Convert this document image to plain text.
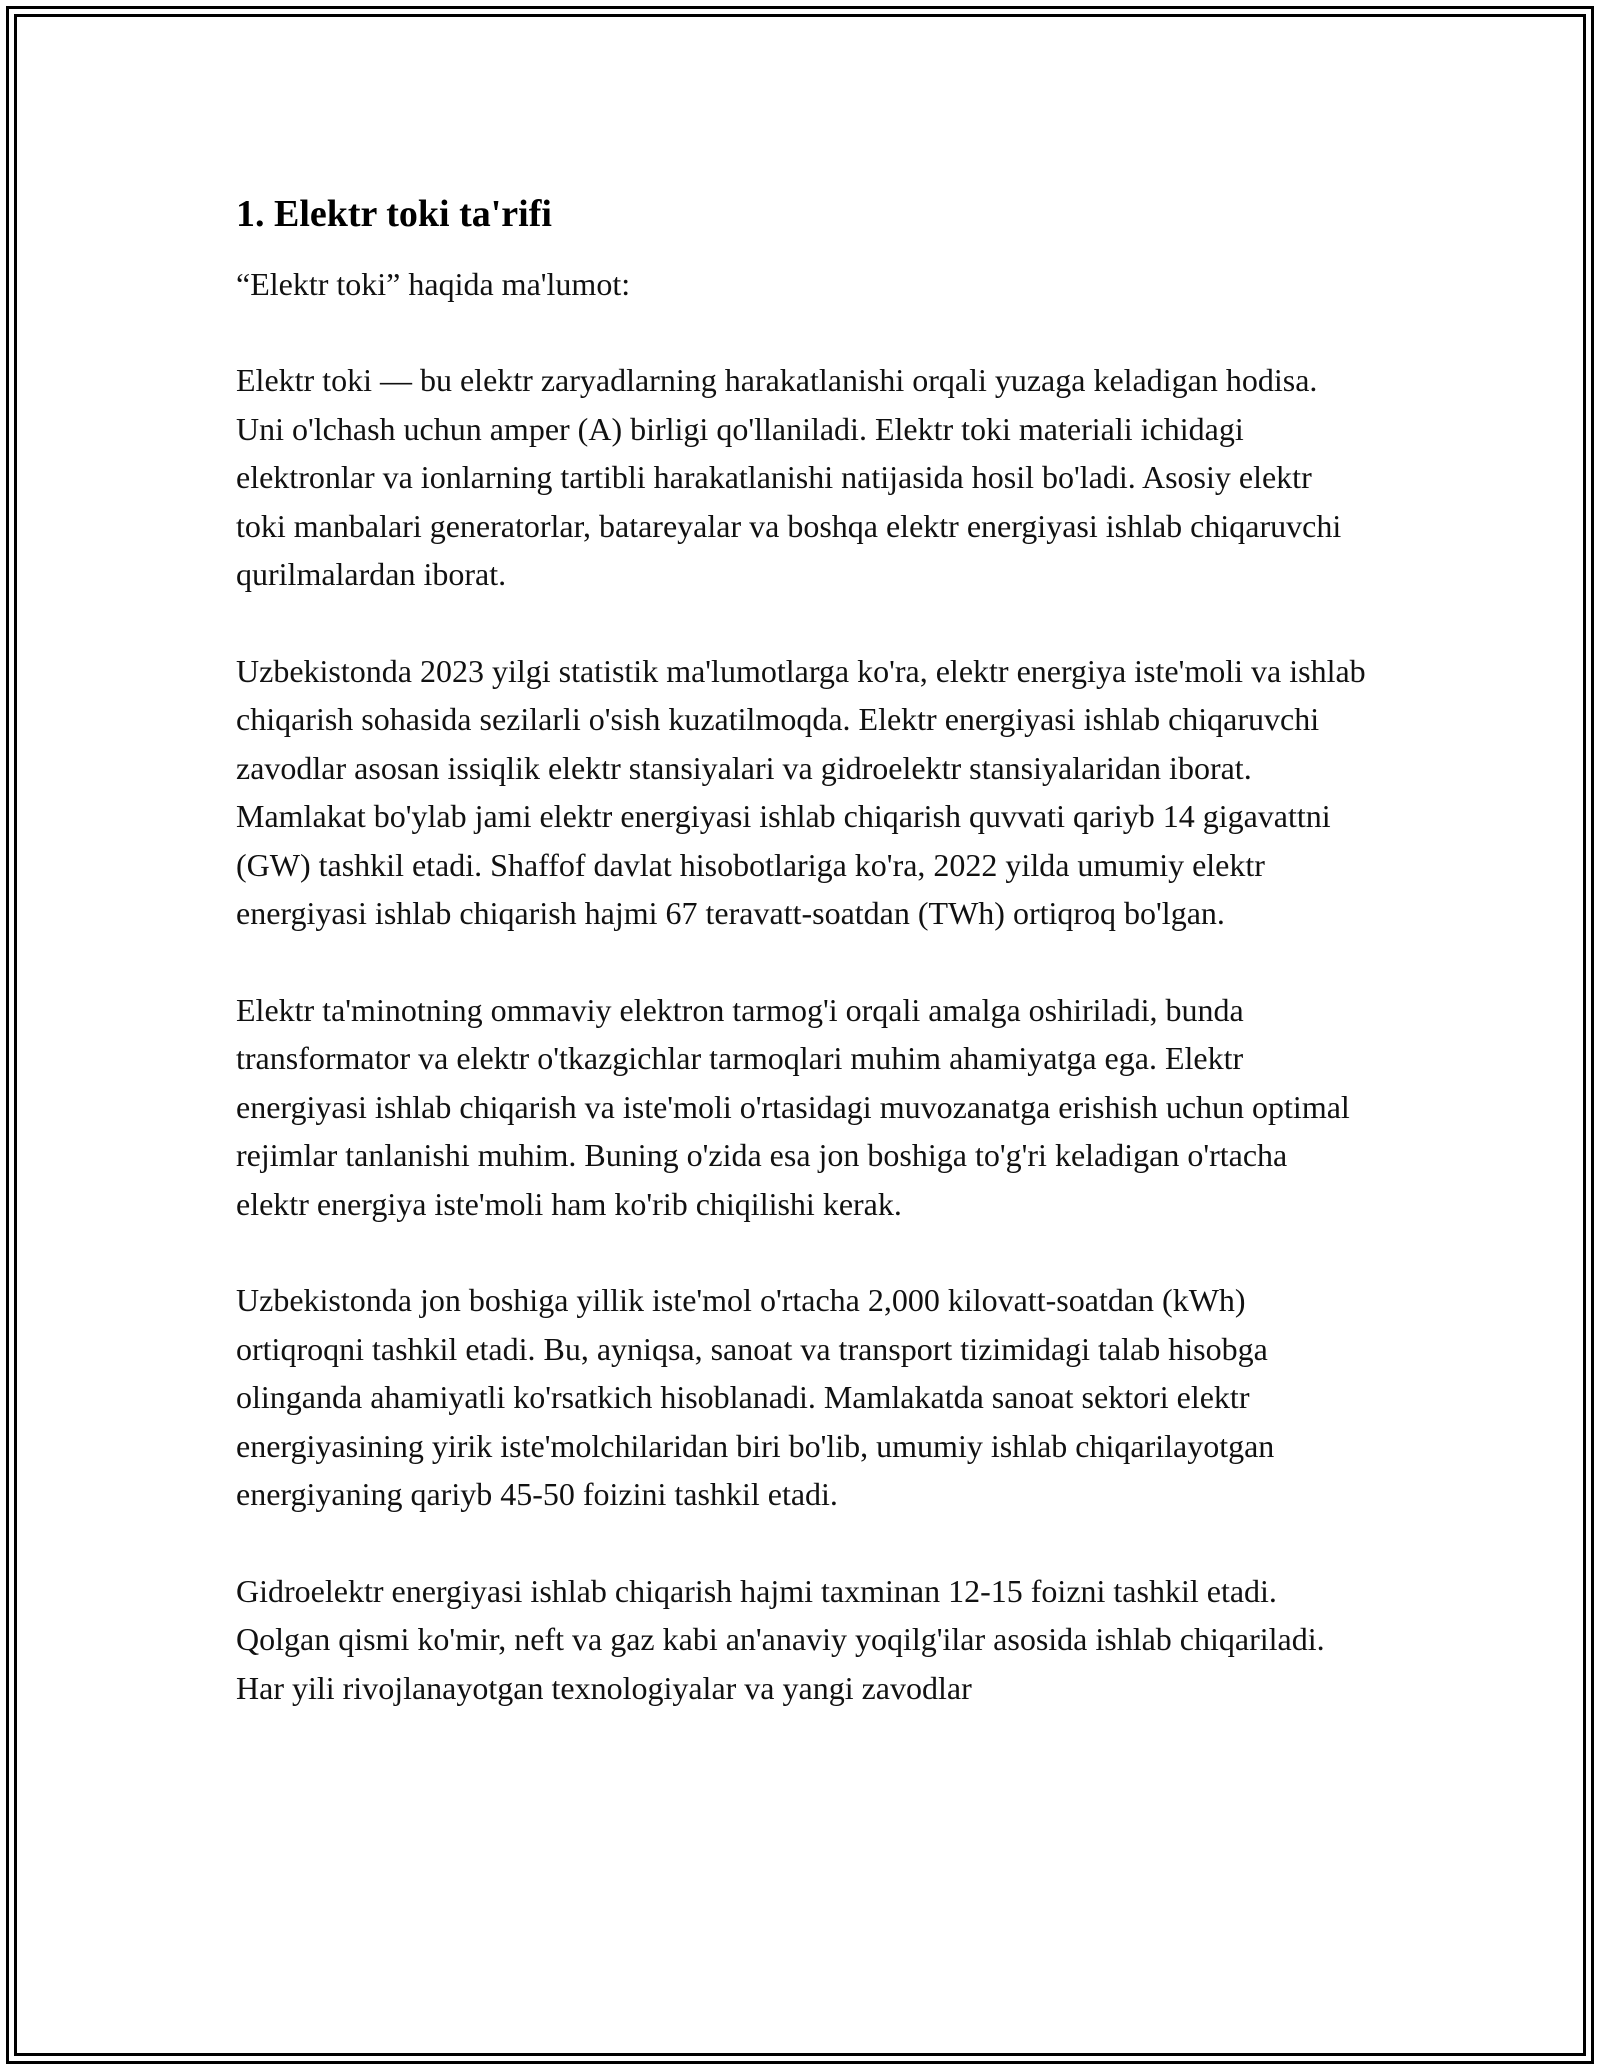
1. Elektr toki ta'rifi

“Elektr toki” haqida ma'lumot:

Elektr toki — bu elektr zaryadlarning harakatlanishi orqali yuzaga keladigan hodisa. Uni o'lchash uchun amper (A) birligi qo'llaniladi. Elektr toki materiali ichidagi elektronlar va ionlarning tartibli harakatlanishi natijasida hosil bo'ladi. Asosiy elektr toki manbalari generatorlar, batareyalar va boshqa elektr energiyasi ishlab chiqaruvchi qurilmalardan iborat.

Uzbekistonda 2023 yilgi statistik ma'lumotlarga ko'ra, elektr energiya iste'moli va ishlab chiqarish sohasida sezilarli o'sish kuzatilmoqda. Elektr energiyasi ishlab chiqaruvchi zavodlar asosan issiqlik elektr stansiyalari va gidroelektr stansiyalaridan iborat. Mamlakat bo'ylab jami elektr energiyasi ishlab chiqarish quvvati qariyb 14 gigavattni (GW) tashkil etadi. Shaffof davlat hisobotlariga ko'ra, 2022 yilda umumiy elektr energiyasi ishlab chiqarish hajmi 67 teravatt-soatdan (TWh) ortiqroq bo'lgan.

Elektr ta'minotning ommaviy elektron tarmog'i orqali amalga oshiriladi, bunda transformator va elektr o'tkazgichlar tarmoqlari muhim ahamiyatga ega. Elektr energiyasi ishlab chiqarish va iste'moli o'rtasidagi muvozanatga erishish uchun optimal rejimlar tanlanishi muhim. Buning o'zida esa jon boshiga to'g'ri keladigan o'rtacha elektr energiya iste'moli ham ko'rib chiqilishi kerak.

Uzbekistonda jon boshiga yillik iste'mol o'rtacha 2,000 kilovatt-soatdan (kWh) ortiqroqni tashkil etadi. Bu, ayniqsa, sanoat va transport tizimidagi talab hisobga olinganda ahamiyatli ko'rsatkich hisoblanadi. Mamlakatda sanoat sektori elektr energiyasining yirik iste'molchilaridan biri bo'lib, umumiy ishlab chiqarilayotgan energiyaning qariyb 45-50 foizini tashkil etadi.

Gidroelektr energiyasi ishlab chiqarish hajmi taxminan 12-15 foizni tashkil etadi. Qolgan qismi ko'mir, neft va gaz kabi an'anaviy yoqilg'ilar asosida ishlab chiqariladi. Har yili rivojlanayotgan texnologiyalar va yangi zavodlar
